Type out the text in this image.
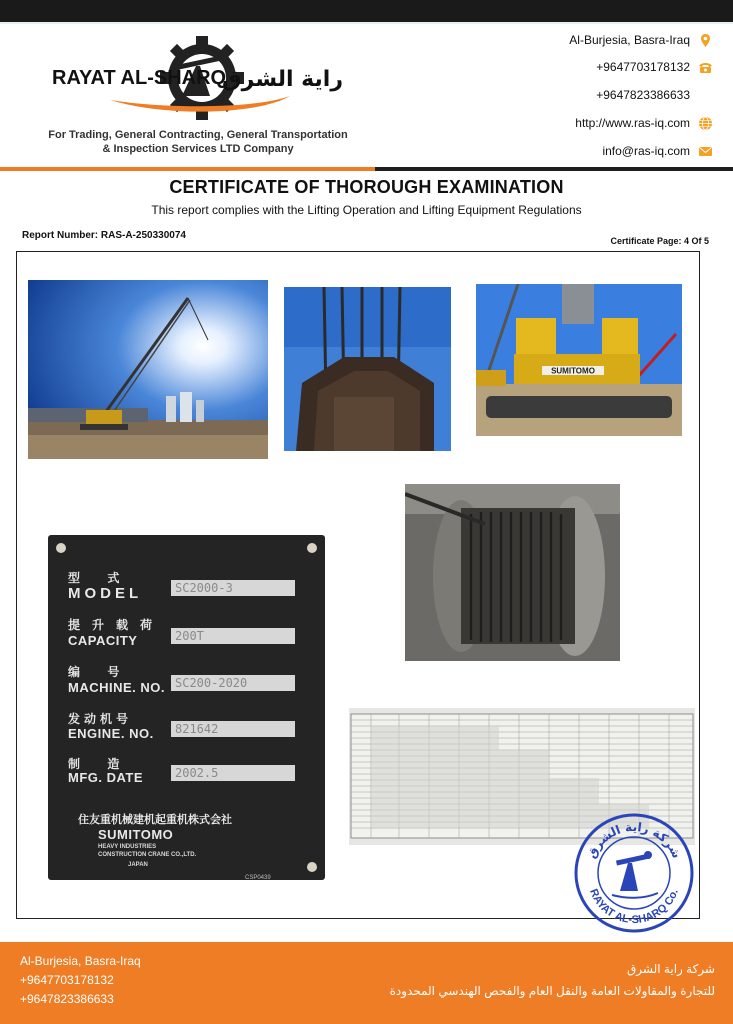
RAYAT AL-SHARQ
راية الشرق
For Trading, General Contracting, General Transportation
& Inspection Services LTD Company
Al-Burjesia, Basra-Iraq
+9647703178132
+9647823386633
http://www.ras-iq.com
info@ras-iq.com
CERTIFICATE OF THOROUGH EXAMINATION
This report complies with the Lifting Operation and Lifting Equipment Regulations
Report Number: RAS-A-250330074	Certificate Page: 4 Of 5
SUMITOMO
型 式
MODEL	SC2000-3
提升载荷
CAPACITY	200T
编 号
MACHINE. NO. SC200-2020
发动机号
ENGINE. NO.	821642
制 造
MFG. DATE	2002.5
住友重机械建机起重机株式会社
SUMITOMO
HEAVY INDUSTRIES
CONSTRUCTION CRANE CO.,LTD.
JAPAN
CSP0439
شركة راية الشرق
RAYAT AL-SHARQ Co.
Al-Burjesia, Basra-Iraq
+9647703178132
+9647823386633
شركة راية الشرق
للتجارة والمقاولات العامة والنقل العام والفحص الهندسي المحدودة
